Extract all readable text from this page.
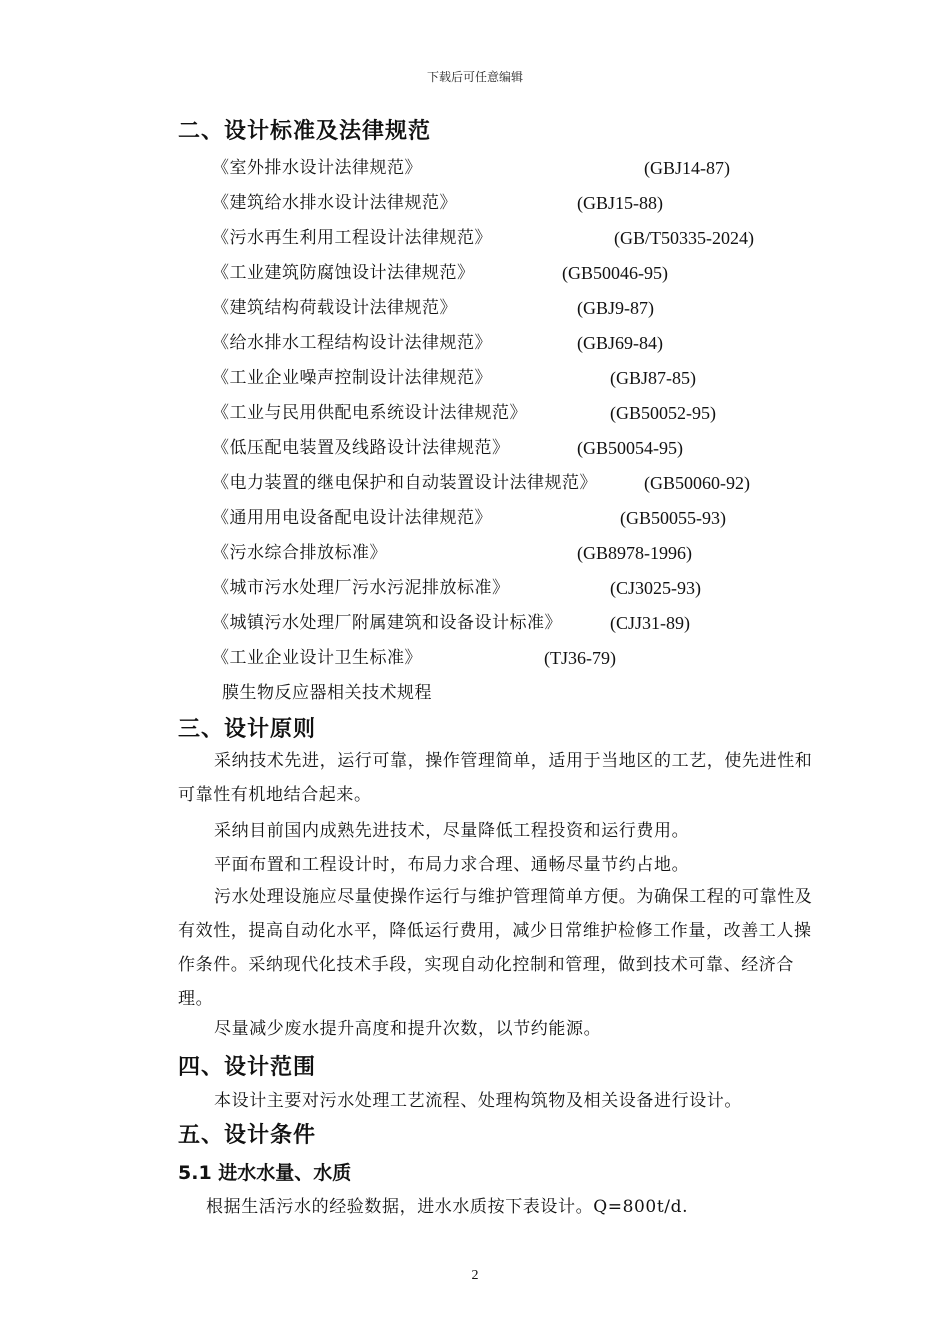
下载后可任意编辑
二、设计标准及法律规范
《室外排水设计法律规范》	(GBJ14-87)
《建筑给水排水设计法律规范》	(GBJ15-88)
《污水再生利用工程设计法律规范》	(GB/T50335-2024)
《工业建筑防腐蚀设计法律规范》	(GB50046-95)
《建筑结构荷载设计法律规范》	(GBJ9-87)
《给水排水工程结构设计法律规范》	(GBJ69-84)
《工业企业噪声控制设计法律规范》	(GBJ87-85)
《工业与民用供配电系统设计法律规范》	(GB50052-95)
《低压配电装置及线路设计法律规范》	(GB50054-95)
《电力装置的继电保护和自动装置设计法律规范》	(GB50060-92)
《通用用电设备配电设计法律规范》	(GB50055-93)
《污水综合排放标准》	(GB8978-1996)
《城市污水处理厂污水污泥排放标准》	(CJ3025-93)
《城镇污水处理厂附属建筑和设备设计标准》	(CJJ31-89)
《工业企业设计卫生标准》	(TJ36-79)
膜生物反应器相关技术规程
三、设计原则

采纳技术先进，运行可靠，操作管理简单，适用于当地区的工艺，使先进性和可靠性有机地结合起来。

采纳目前国内成熟先进技术，尽量降低工程投资和运行费用。

平面布置和工程设计时，布局力求合理、通畅尽量节约占地。

污水处理设施应尽量使操作运行与维护管理简单方便。为确保工程的可靠性及有效性，提高自动化水平，降低运行费用，减少日常维护检修工作量，改善工人操作条件。采纳现代化技术手段，实现自动化控制和管理，做到技术可靠、经济合理。

尽量减少废水提升高度和提升次数，以节约能源。

四、设计范围

本设计主要对污水处理工艺流程、处理构筑物及相关设备进行设计。

五、设计条件
5.1 进水水量、水质
根据生活污水的经验数据，进水水质按下表设计。Q=800t/d.
2
